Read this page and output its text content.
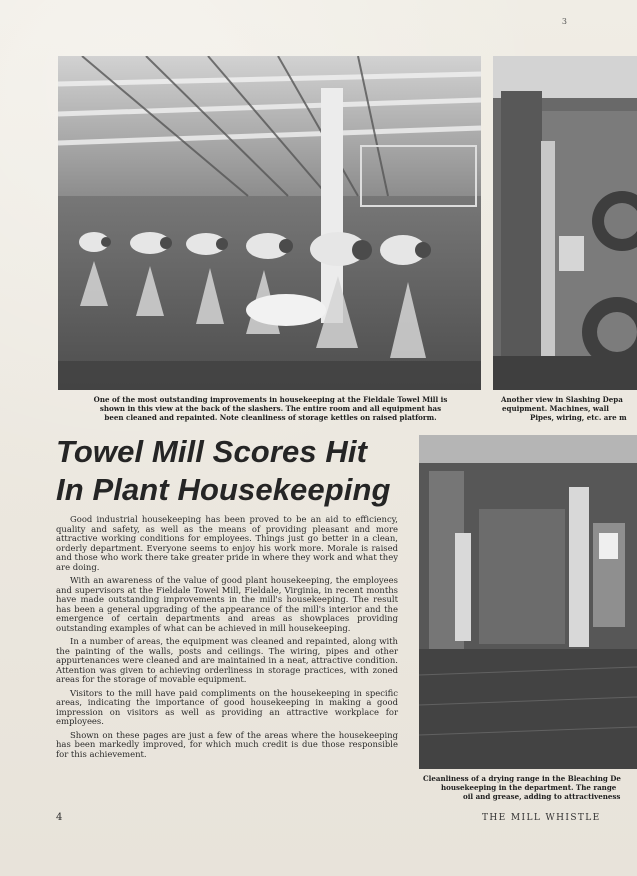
3
One of the most outstanding improvements in housekeeping at the Fieldale Towel Mill is
shown in this view at the back of the slashers. The entire room and all equipment has
been cleaned and repainted. Note cleanliness of storage kettles on raised platform.
Another view in Slashing Depa
equipment. Machines, wall
Pipes, wiring, etc. are m
Towel Mill Scores Hit
In Plant Housekeeping

Good industrial housekeeping has been proved to be an aid to efficiency, quality and safety, as well as the means of providing pleasant and more attractive working conditions for employees. Things just go better in a clean, orderly department. Everyone seems to enjoy his work more. Morale is raised and those who work there take greater pride in where they work and what they are doing.

With an awareness of the value of good plant housekeeping, the employees and supervisors at the Fieldale Towel Mill, Fieldale, Virginia, in recent months have made outstanding improvements in the mill's housekeeping. The result has been a general upgrading of the appearance of the mill's interior and the emergence of certain departments and areas as showplaces providing outstanding examples of what can be achieved in mill housekeeping.

In a number of areas, the equipment was cleaned and repainted, along with the painting of the walls, posts and ceilings. The wiring, pipes and other appurtenances were cleaned and are maintained in a neat, attractive condition. Attention was given to achieving orderliness in storage practices, with zoned areas for the storage of movable equipment.

Visitors to the mill have paid compliments on the housekeeping in specific areas, indicating the importance of good housekeeping in making a good impression on visitors as well as providing an attractive workplace for employees.

Shown on these pages are just a few of the areas where the housekeeping has been markedly improved, for which much credit is due those responsible for this achievement.

Cleanliness of a drying range in the Bleaching De
housekeeping in the department. The range
oil and grease, adding to attractiveness
4	THE MILL WHISTLE
